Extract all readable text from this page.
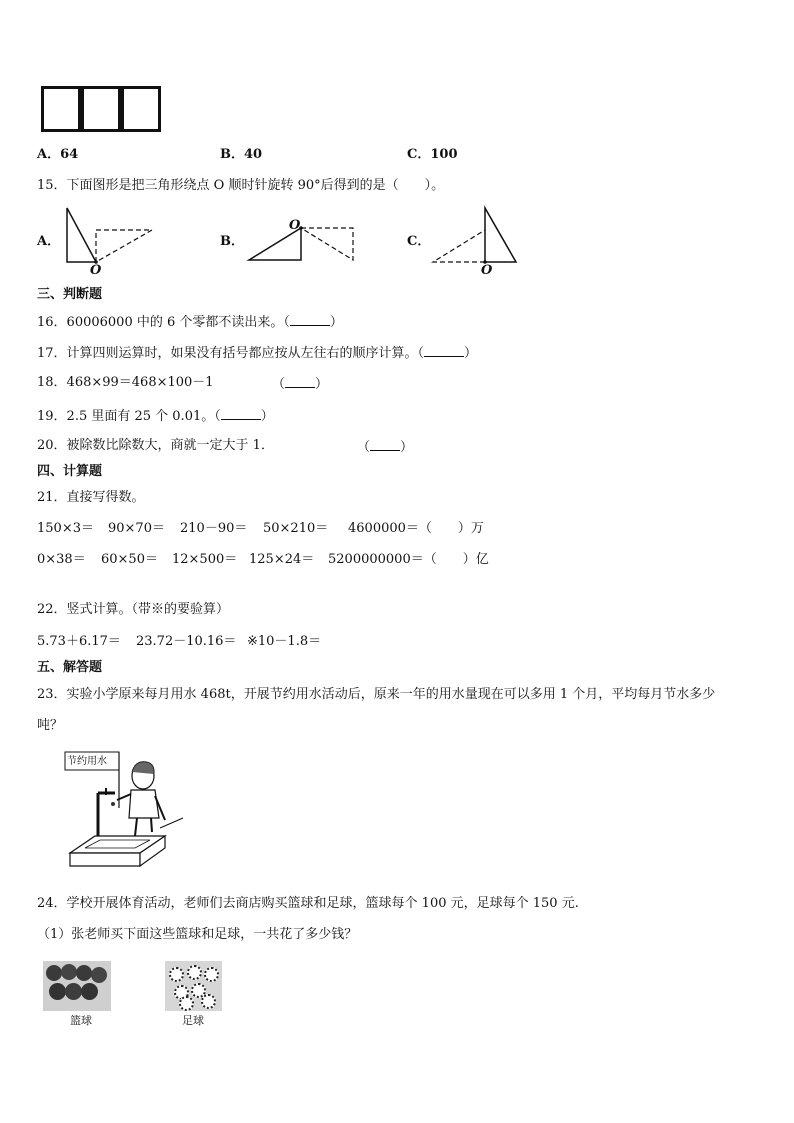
A．64	B．40	C．100
15．下面图形是把三角形绕点 O 顺时针旋转 90°后得到的是（　　）。
A．	B．	C．
O
O
O
三、判断题
16．60006000 中的 6 个零都不读出来。（	）
17．计算四则运算时，如果没有括号都应按从左往右的顺序计算。（	）
18．468×99＝468×100－1	（ ）
19．2.5 里面有 25 个 0.01。（	）
20．被除数比除数大，商就一定大于 1．	（ ）
四、计算题
21．直接写得数。
150×3＝ 90×70＝ 210－90＝ 50×210＝ 4600000＝（　　）万
0×38＝ 60×50＝ 12×500＝ 125×24＝ 5200000000＝（　　）亿
22．竖式计算。（带※的要验算）
5.73＋6.17＝ 23.72－10.16＝ ※10－1.8＝
五、解答题
23．实验小学原来每月用水 468t，开展节约用水活动后，原来一年的用水量现在可以多用 1 个月，平均每月节水多少
吨？
节约用水
24．学校开展体育活动，老师们去商店购买篮球和足球，篮球每个 100 元，足球每个 150 元.
（1）张老师买下面这些篮球和足球，一共花了多少钱？
篮球	足球
